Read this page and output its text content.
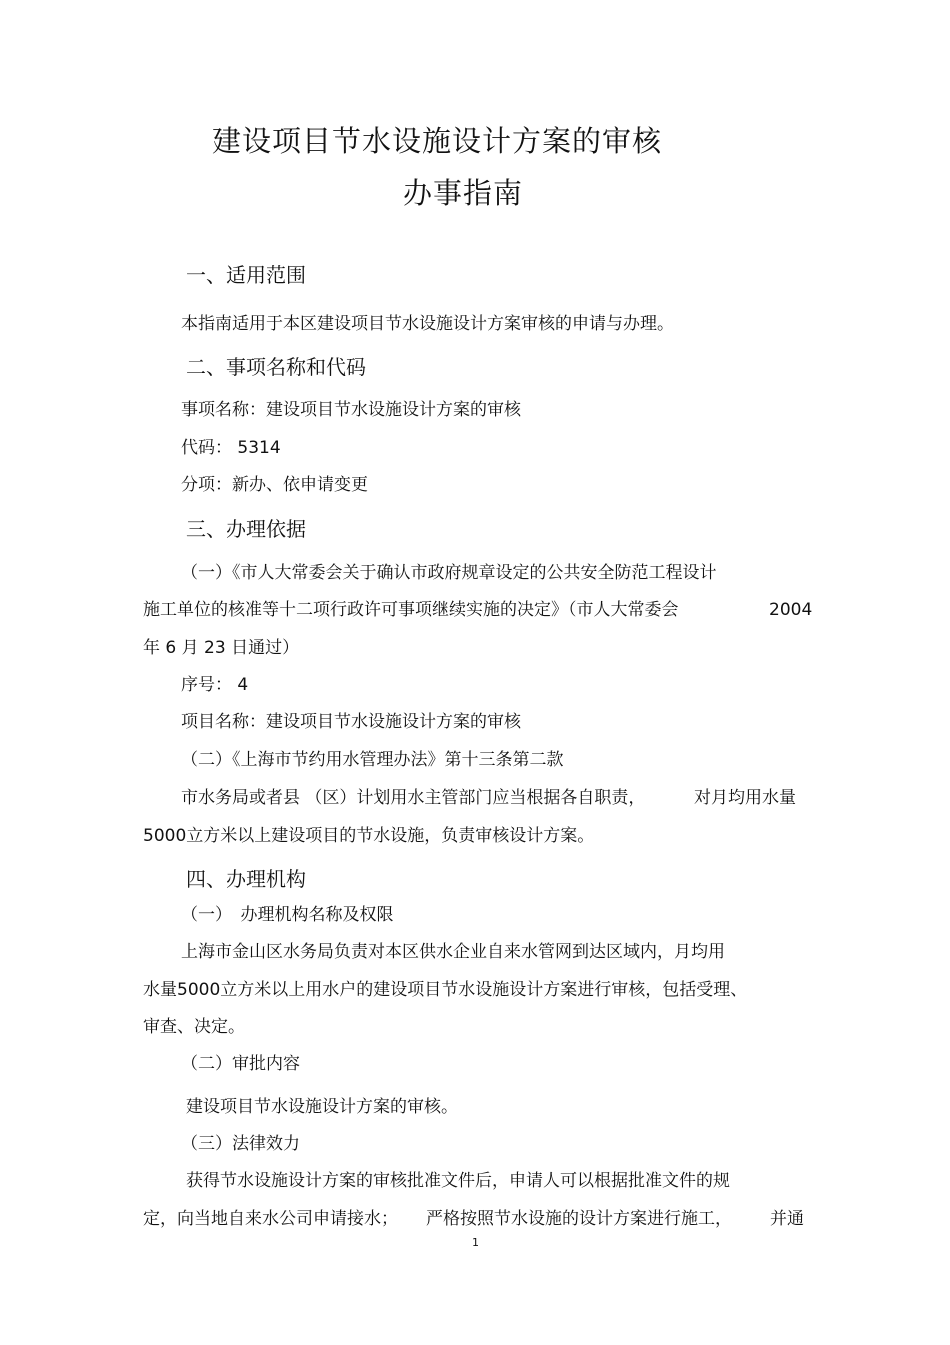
建设项目节水设施设计方案的审核
办事指南
一、适用范围
本指南适用于本区建设项目节水设施设计方案审核的申请与办理。
二、事项名称和代码
事项名称：建设项目节水设施设计方案的审核
代码： 5314
分项：新办、依申请变更
三、办理依据
（一）《市人大常委会关于确认市政府规章设定的公共安全防范工程设计
施工单位的核准等十二项行政许可事项继续实施的决定》（市人大常委会	2004
年 6 月 23 日通过）
序号： 4
项目名称：建设项目节水设施设计方案的审核
（二）《上海市节约用水管理办法》第十三条第二款
市水务局或者县 （区）计划用水主管部门应当根据各自职责，	对月均用水量
5000立方米以上建设项目的节水设施，负责审核设计方案。
四、办理机构
（一）　办理机构名称及权限
上海市金山区水务局负责对本区供水企业自来水管网到达区域内，月均用
水量5000立方米以上用水户的建设项目节水设施设计方案进行审核，包括受理、
审查、决定。
（二）审批内容
建设项目节水设施设计方案的审核。
（三）法律效力
获得节水设施设计方案的审核批准文件后，申请人可以根据批准文件的规
定，向当地自来水公司申请接水； 严格按照节水设施的设计方案进行施工， 并通
1
